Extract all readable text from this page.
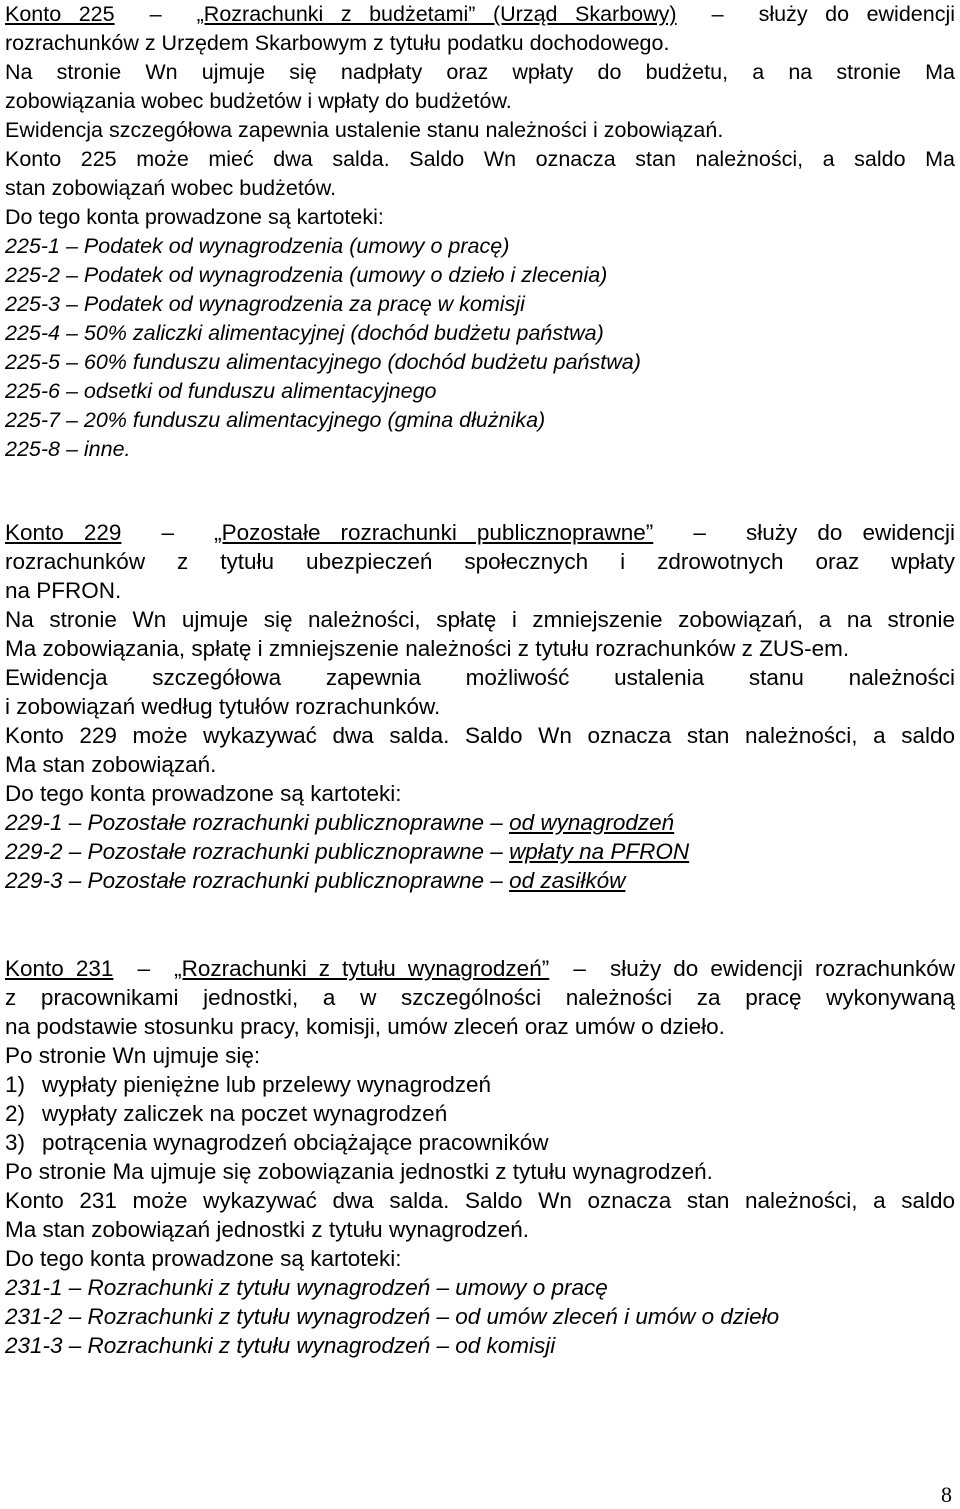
Konto 225  –  „Rozrachunki z budżetami” (Urząd Skarbowy)  –  służy do ewidencji
rozrachunków z Urzędem Skarbowym z tytułu podatku dochodowego.
Na stronie Wn ujmuje się nadpłaty oraz wpłaty do budżetu, a na stronie Ma
zobowiązania wobec budżetów i wpłaty do budżetów.
Ewidencja szczegółowa zapewnia ustalenie stanu należności i zobowiązań.
Konto 225 może mieć dwa salda. Saldo Wn oznacza stan należności, a saldo Ma
stan zobowiązań wobec budżetów.
Do tego konta prowadzone są kartoteki:
225-1 – Podatek od wynagrodzenia (umowy o pracę)
225-2 – Podatek od wynagrodzenia (umowy o dzieło i zlecenia)
225-3 – Podatek od wynagrodzenia za pracę w komisji
225-4 – 50% zaliczki alimentacyjnej (dochód budżetu państwa)
225-5 – 60% funduszu alimentacyjnego (dochód budżetu państwa)
225-6 – odsetki od funduszu alimentacyjnego
225-7 – 20% funduszu alimentacyjnego (gmina dłużnika)
225-8 – inne.
Konto 229  –  „Pozostałe rozrachunki publicznoprawne”  –  służy do ewidencji
rozrachunków z tytułu ubezpieczeń społecznych i zdrowotnych oraz wpłaty
na PFRON.
Na stronie Wn ujmuje się należności, spłatę i zmniejszenie zobowiązań, a na stronie
Ma zobowiązania, spłatę i zmniejszenie należności z tytułu rozrachunków z ZUS-em.
Ewidencja szczegółowa zapewnia możliwość ustalenia stanu należności
i zobowiązań według tytułów rozrachunków.
Konto 229 może wykazywać dwa salda. Saldo Wn oznacza stan należności, a saldo
Ma stan zobowiązań.
Do tego konta prowadzone są kartoteki:
229-1 – Pozostałe rozrachunki publicznoprawne – od wynagrodzeń
229-2 – Pozostałe rozrachunki publicznoprawne – wpłaty na PFRON
229-3 – Pozostałe rozrachunki publicznoprawne – od zasiłków
Konto 231  –  „Rozrachunki z tytułu wynagrodzeń”  –  służy do ewidencji rozrachunków
z pracownikami jednostki, a w szczególności należności za pracę wykonywaną
na podstawie stosunku pracy, komisji, umów zleceń oraz umów o dzieło.
Po stronie Wn ujmuje się:
1) wypłaty pieniężne lub przelewy wynagrodzeń
2) wypłaty zaliczek na poczet wynagrodzeń
3) potrącenia wynagrodzeń obciążające pracowników
Po stronie Ma ujmuje się zobowiązania jednostki z tytułu wynagrodzeń.
Konto 231 może wykazywać dwa salda. Saldo Wn oznacza stan należności, a saldo
Ma stan zobowiązań jednostki z tytułu wynagrodzeń.
Do tego konta prowadzone są kartoteki:
231-1 – Rozrachunki z tytułu wynagrodzeń – umowy o pracę
231-2 – Rozrachunki z tytułu wynagrodzeń – od umów zleceń i umów o dzieło
231-3 – Rozrachunki z tytułu wynagrodzeń – od komisji
8
